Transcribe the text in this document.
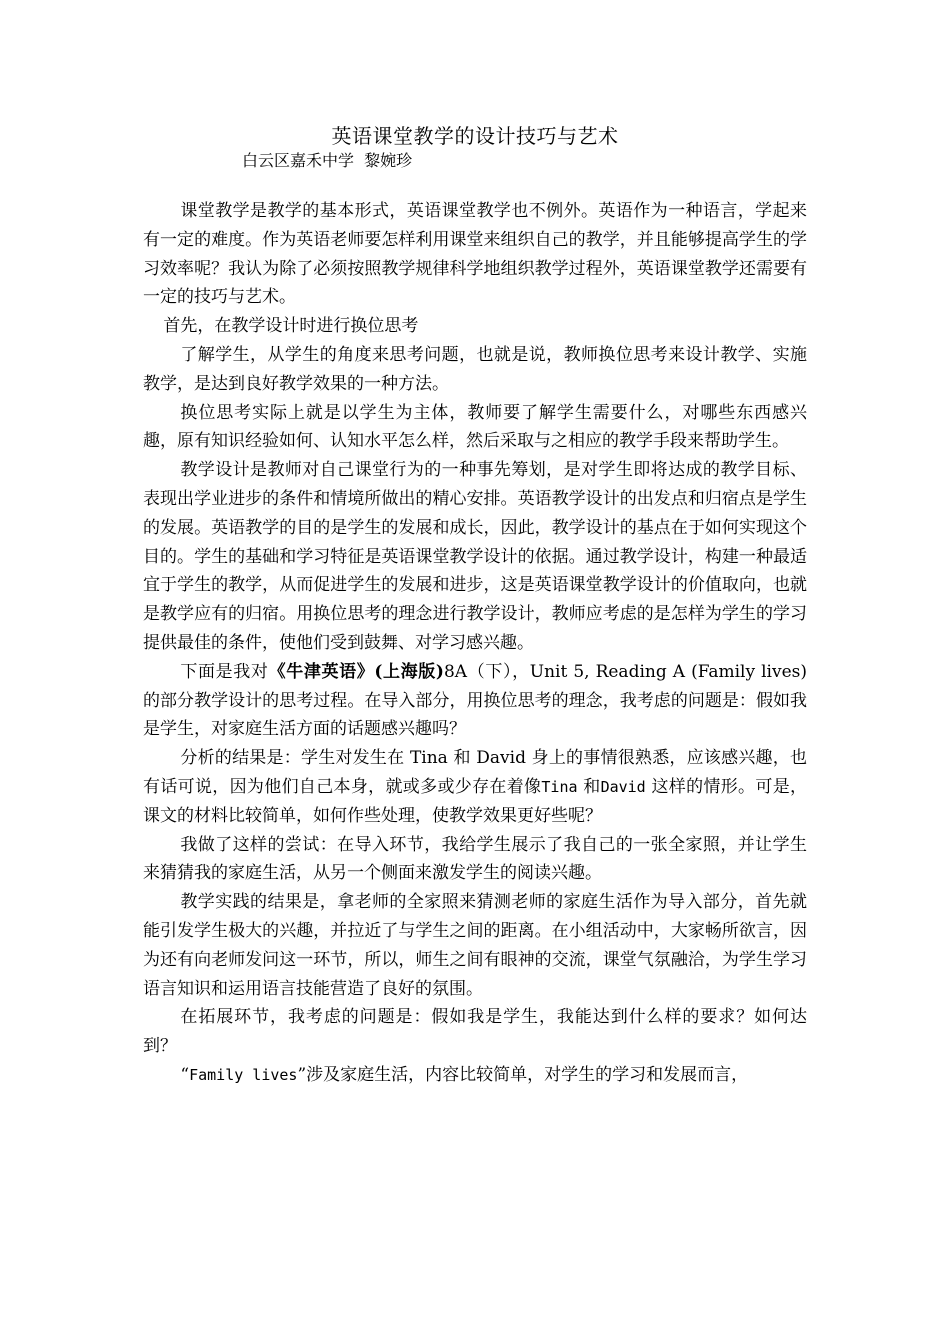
英语课堂教学的设计技巧与艺术
白云区嘉禾中学  黎婉珍

课堂教学是教学的基本形式，英语课堂教学也不例外。英语作为一种语言，学起来有一定的难度。作为英语老师要怎样利用课堂来组织自己的教学，并且能够提高学生的学习效率呢？我认为除了必须按照教学规律科学地组织教学过程外，英语课堂教学还需要有一定的技巧与艺术。

首先，在教学设计时进行换位思考

了解学生，从学生的角度来思考问题，也就是说，教师换位思考来设计教学、实施教学，是达到良好教学效果的一种方法。

换位思考实际上就是以学生为主体，教师要了解学生需要什么，对哪些东西感兴趣，原有知识经验如何、认知水平怎么样，然后采取与之相应的教学手段来帮助学生。

教学设计是教师对自己课堂行为的一种事先筹划，是对学生即将达成的教学目标、表现出学业进步的条件和情境所做出的精心安排。英语教学设计的出发点和归宿点是学生的发展。英语教学的目的是学生的发展和成长，因此，教学设计的基点在于如何实现这个目的。学生的基础和学习特征是英语课堂教学设计的依据。通过教学设计，构建一种最适宜于学生的教学，从而促进学生的发展和进步，这是英语课堂教学设计的价值取向，也就是教学应有的归宿。用换位思考的理念进行教学设计，教师应考虑的是怎样为学生的学习提供最佳的条件，使他们受到鼓舞、对学习感兴趣。

下面是我对《牛津英语》(上海版)8A（下），Unit 5, Reading A (Family lives)的部分教学设计的思考过程。在导入部分，用换位思考的理念，我考虑的问题是：假如我是学生，对家庭生活方面的话题感兴趣吗？

分析的结果是：学生对发生在 Tina 和 David 身上的事情很熟悉，应该感兴趣，也有话可说，因为他们自己本身，就或多或少存在着像Tina 和David 这样的情形。可是，课文的材料比较简单，如何作些处理，使教学效果更好些呢？

我做了这样的尝试：在导入环节，我给学生展示了我自己的一张全家照，并让学生来猜猜我的家庭生活，从另一个侧面来激发学生的阅读兴趣。

教学实践的结果是，拿老师的全家照来猜测老师的家庭生活作为导入部分，首先就能引发学生极大的兴趣，并拉近了与学生之间的距离。在小组活动中，大家畅所欲言，因为还有向老师发问这一环节，所以，师生之间有眼神的交流，课堂气氛融洽，为学生学习语言知识和运用语言技能营造了良好的氛围。

在拓展环节，我考虑的问题是：假如我是学生，我能达到什么样的要求？如何达到？

“Family lives”涉及家庭生活，内容比较简单，对学生的学习和发展而言，
